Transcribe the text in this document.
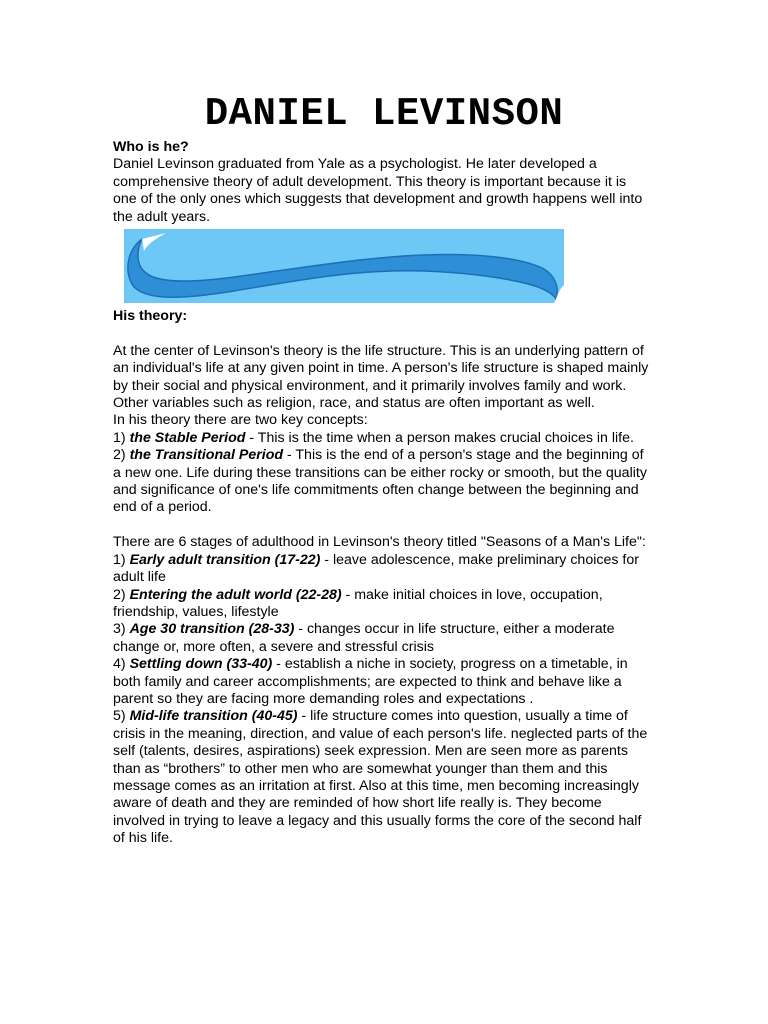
DANIEL LEVINSON

Who is he?

Daniel Levinson graduated from Yale as a psychologist. He later developed a comprehensive theory of adult development. This theory is important because it is one of the only ones which suggests that development and growth happens well into the adult years.

His theory:

At the center of Levinson's theory is the life structure. This is an underlying pattern of an individual's life at any given point in time. A person's life structure is shaped mainly by their social and physical environment, and it primarily involves family and work. Other variables such as religion, race, and status are often important as well.

In his theory there are two key concepts:

1) the Stable Period - This is the time when a person makes crucial choices in life.

2) the Transitional Period - This is the end of a person's stage and the beginning of a new one. Life during these transitions can be either rocky or smooth, but the quality and significance of one's life commitments often change between the beginning and end of a period.

There are 6 stages of adulthood in Levinson's theory titled "Seasons of a Man's Life":

1) Early adult transition (17-22) - leave adolescence, make preliminary choices for adult life

2) Entering the adult world (22-28) - make initial choices in love, occupation, friendship, values, lifestyle

3) Age 30 transition (28-33) - changes occur in life structure, either a moderate change or, more often, a severe and stressful crisis

4) Settling down (33-40) - establish a niche in society, progress on a timetable, in both family and career accomplishments; are expected to think and behave like a parent so they are facing more demanding roles and expectations .

5) Mid-life transition (40-45) - life structure comes into question, usually a time of crisis in the meaning, direction, and value of each person's life. neglected parts of the self (talents, desires, aspirations) seek expression. Men are seen more as parents than as “brothers” to other men who are somewhat younger than them and this message comes as an irritation at first. Also at this time, men becoming increasingly aware of death and they are reminded of how short life really is. They become involved in trying to leave a legacy and this usually forms the core of the second half of his life.
